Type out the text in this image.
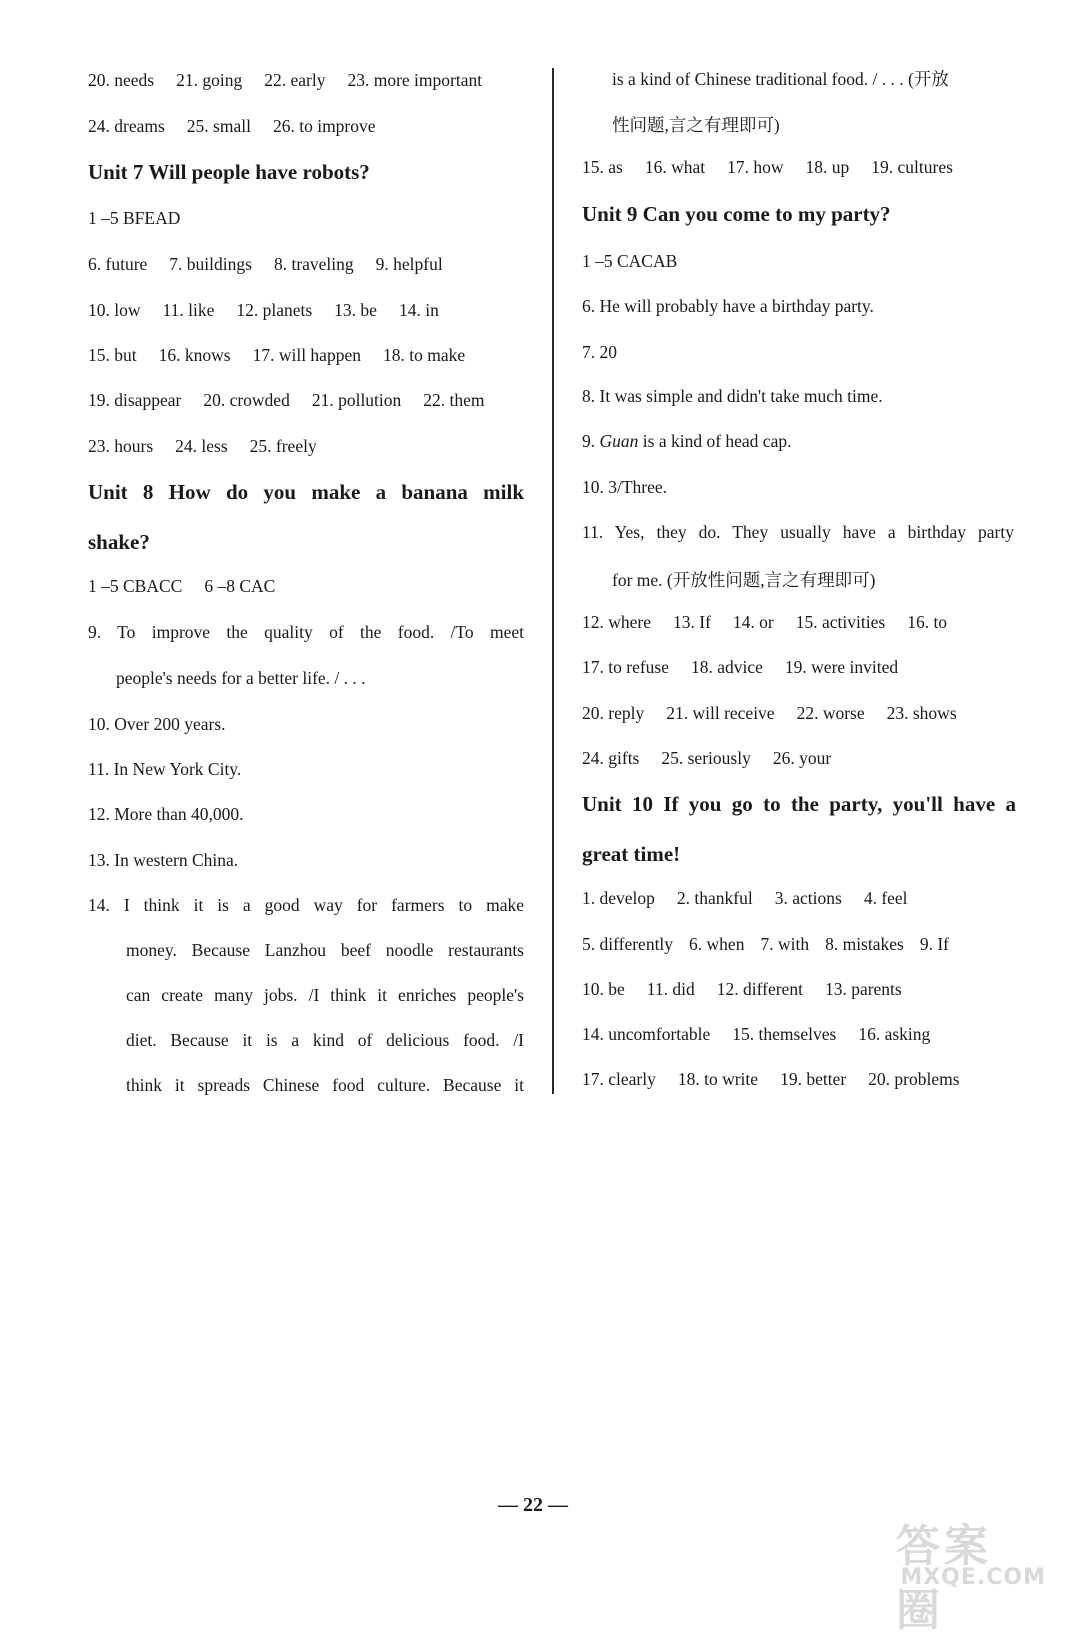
20. needs 21. going 22. early 23. more important
24. dreams 25. small 26. to improve
Unit 7 Will people have robots?
1 –5 BFEAD
6. future 7. buildings 8. traveling 9. helpful
10. low 11. like 12. planets 13. be 14. in
15. but 16. knows 17. will happen 18. to make
19. disappear 20. crowded 21. pollution 22. them
23. hours 24. less 25. freely
Unit 8 How do you make a banana milk
shake?
1 –5 CBACC 6 –8 CAC
9. To improve the quality of the food. /To meet
people's needs for a better life. / . . .
10. Over 200 years.
11. In New York City.
12. More than 40,000.
13. In western China.
14. I think it is a good way for farmers to make
money. Because Lanzhou beef noodle restaurants
can create many jobs. /I think it enriches people's
diet. Because it is a kind of delicious food. /I
think it spreads Chinese food culture. Because it
is a kind of Chinese traditional food. / . . . (开放
性问题,言之有理即可)
15. as 16. what 17. how 18. up 19. cultures
Unit 9 Can you come to my party?
1 –5 CACAB
6. He will probably have a birthday party.
7. 20
8. It was simple and didn't take much time.
9. Guan is a kind of head cap.
10. 3/Three.
11. Yes, they do. They usually have a birthday party
for me. (开放性问题,言之有理即可)
12. where 13. If 14. or 15. activities 16. to
17. to refuse 18. advice 19. were invited
20. reply 21. will receive 22. worse 23. shows
24. gifts 25. seriously 26. your
Unit 10 If you go to the party, you'll have a
great time!
1. develop 2. thankful 3. actions 4. feel
5. differently 6. when 7. with 8. mistakes 9. If
10. be 11. did 12. different 13. parents
14. uncomfortable 15. themselves 16. asking
17. clearly 18. to write 19. better 20. problems
— 22 —
答案圈
MXQE.COM
